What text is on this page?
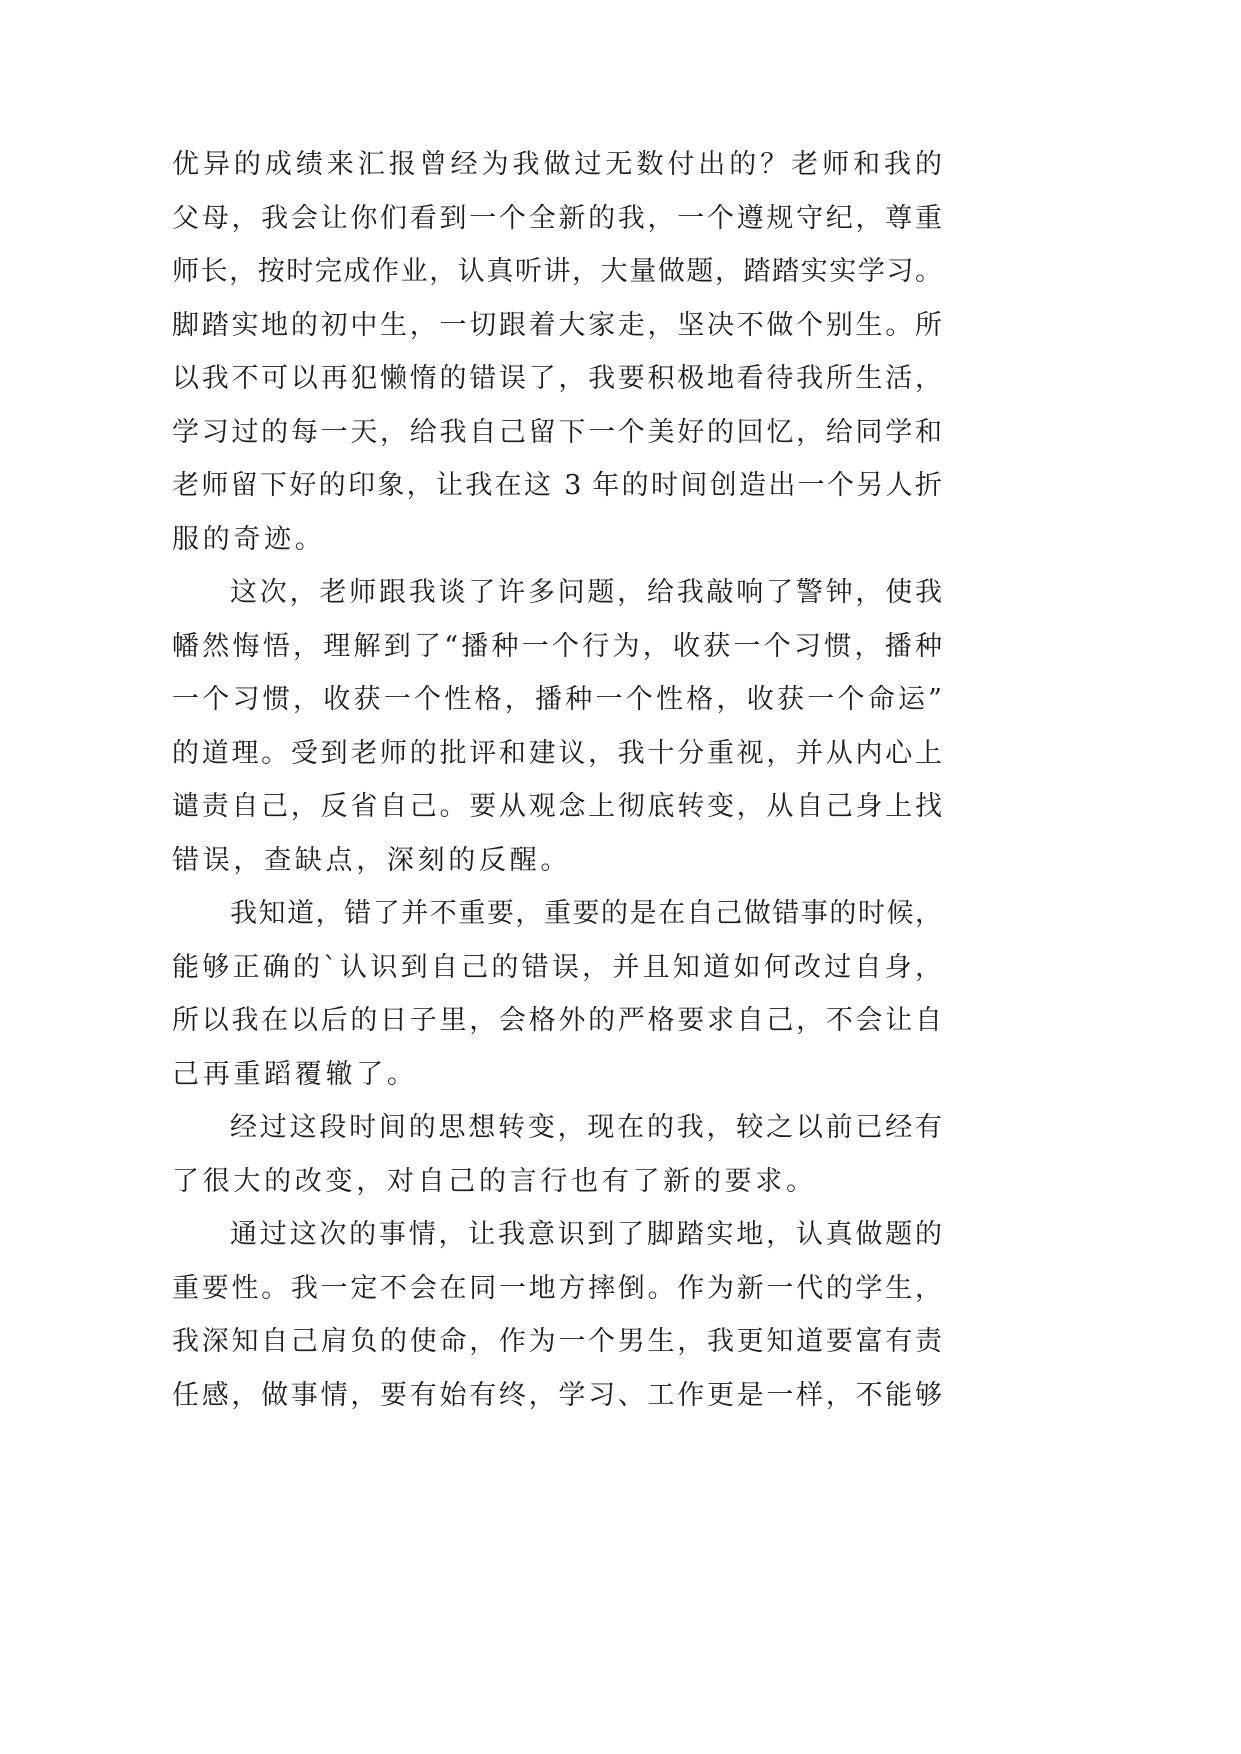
优异的成绩来汇报曾经为我做过无数付出的？老师和我的
父母，我会让你们看到一个全新的我，一个遵规守纪，尊重
师长，按时完成作业，认真听讲，大量做题，踏踏实实学习。
脚踏实地的初中生，一切跟着大家走，坚决不做个别生。所
以我不可以再犯懒惰的错误了，我要积极地看待我所生活，
学习过的每一天，给我自己留下一个美好的回忆，给同学和
老师留下好的印象，让我在这 3 年的时间创造出一个另人折
服的奇迹。
这次，老师跟我谈了许多问题，给我敲响了警钟，使我
幡然悔悟，理解到了“播种一个行为，收获一个习惯，播种
一个习惯，收获一个性格，播种一个性格，收获一个命运”
的道理。受到老师的批评和建议，我十分重视，并从内心上
谴责自己，反省自己。要从观念上彻底转变，从自己身上找
错误，查缺点，深刻的反醒。
我知道，错了并不重要，重要的是在自己做错事的时候，
能够正确的`认识到自己的错误，并且知道如何改过自身，
所以我在以后的日子里，会格外的严格要求自己，不会让自
己再重蹈覆辙了。
经过这段时间的思想转变，现在的我，较之以前已经有
了很大的改变，对自己的言行也有了新的要求。
通过这次的事情，让我意识到了脚踏实地，认真做题的
重要性。我一定不会在同一地方摔倒。作为新一代的学生，
我深知自己肩负的使命，作为一个男生，我更知道要富有责
任感，做事情，要有始有终，学习、工作更是一样，不能够
